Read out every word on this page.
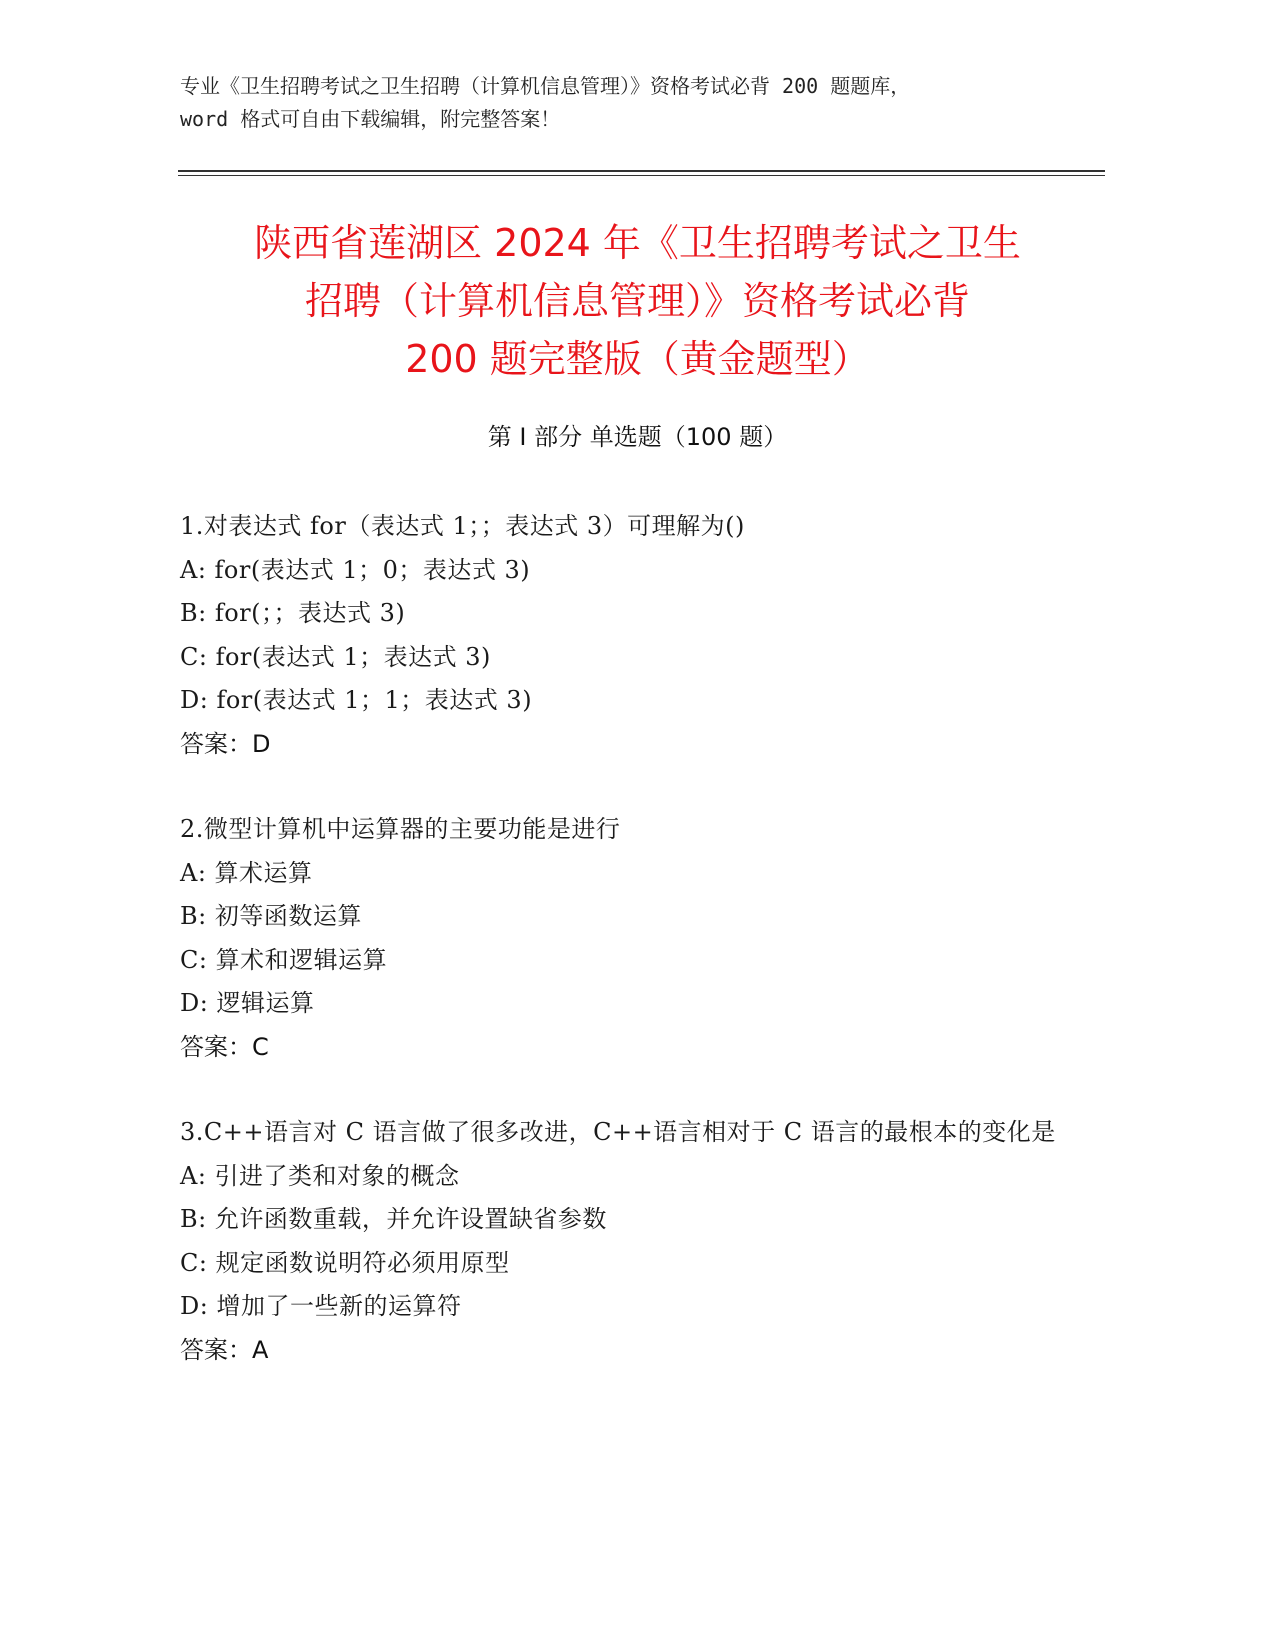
专业《卫生招聘考试之卫生招聘（计算机信息管理）》资格考试必背 200 题题库，
word 格式可自由下载编辑，附完整答案！
陕西省莲湖区 2024 年《卫生招聘考试之卫生
招聘（计算机信息管理）》资格考试必背
200 题完整版（黄金题型）
第 I 部分 单选题（100 题）
1.对表达式 for（表达式 1；；表达式 3）可理解为()
A: for(表达式 1；0；表达式 3)
B: for(；；表达式 3)
C: for(表达式 1；表达式 3)
D: for(表达式 1；1；表达式 3)
答案：D
2.微型计算机中运算器的主要功能是进行
A: 算术运算
B: 初等函数运算
C: 算术和逻辑运算
D: 逻辑运算
答案：C
3.C++语言对 C 语言做了很多改进，C++语言相对于 C 语言的最根本的变化是
A: 引进了类和对象的概念
B: 允许函数重载，并允许设置缺省参数
C: 规定函数说明符必须用原型
D: 增加了一些新的运算符
答案：A
